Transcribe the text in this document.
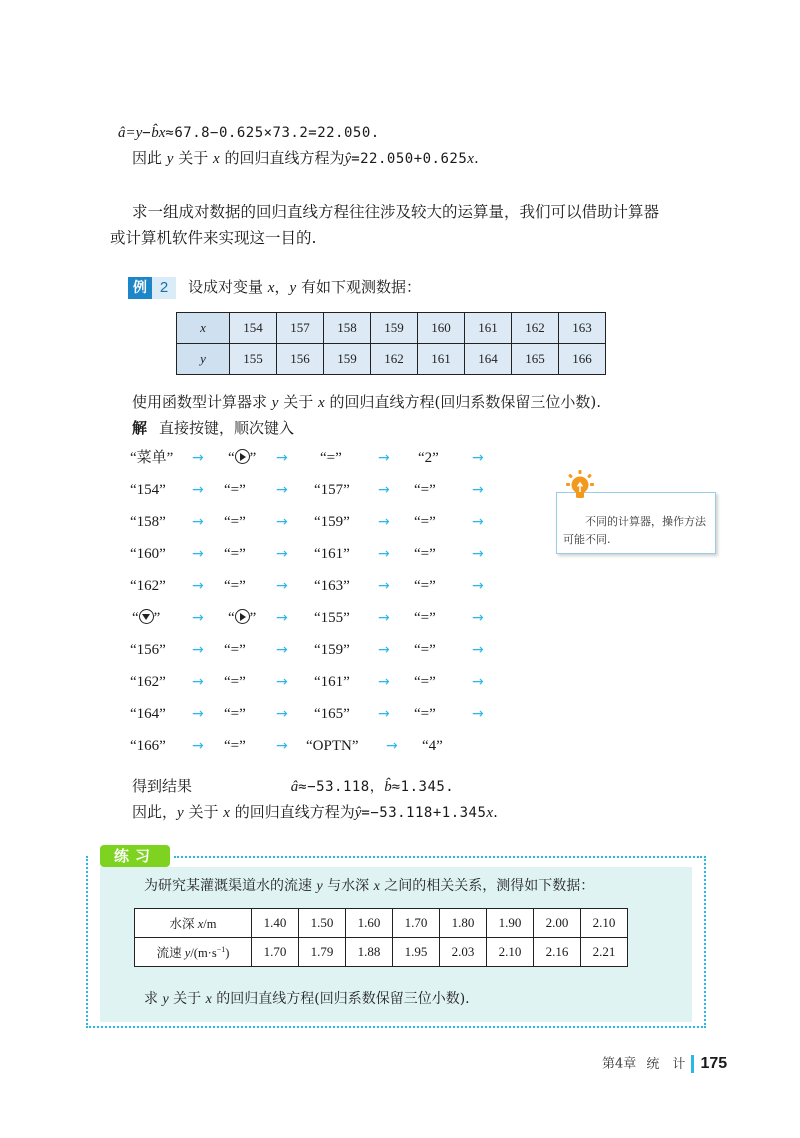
â=y−b̂x≈67.8−0.625×73.2=22.050.
因此 y 关于 x 的回归直线方程为ŷ=22.050+0.625x.
求一组成对数据的回归直线方程往往涉及较大的运算量，我们可以借助计算器
或计算机软件来实现这一目的.
例 2 设成对变量 x，y 有如下观测数据：
x	154	157	158	159	160	161	162	163
y	155	156	159	162	161	164	165	166
使用函数型计算器求 y 关于 x 的回归直线方程(回归系数保留三位小数).
解 直接按键，顺次键入
“菜单” → “ ” → “=”	→ “2” →
“154” → “=” → “157” → “=”	→
“158” → “=” → “159” → “=”	→
“160” → “=” → “161” → “=”	→
“162” → “=” → “163” → “=”	→
“ ” → “ ” → “155” → “=”	→
“156” → “=” → “159” → “=”	→
“162” → “=” → “161” → “=”	→
“164” → “=” → “165” → “=”	→
“166” → “=” → “OPTN” → “4”
不同的计算器，操作方法可能不同.
得到结果	â≈−53.118，b̂≈1.345.
因此，y 关于 x 的回归直线方程为ŷ=−53.118+1.345x.
练习
为研究某灌溉渠道水的流速 y 与水深 x 之间的相关关系，测得如下数据：
水深 x/m	1.40	1.50	1.60	1.70	1.80	1.90	2.00	2.10
流速 $y/(m\cdot s^{-1})$	1.70	1.79	1.88	1.95	2.03	2.10	2.16	2.21
求 y 关于 x 的回归直线方程(回归系数保留三位小数).
第4章 统　计 175
